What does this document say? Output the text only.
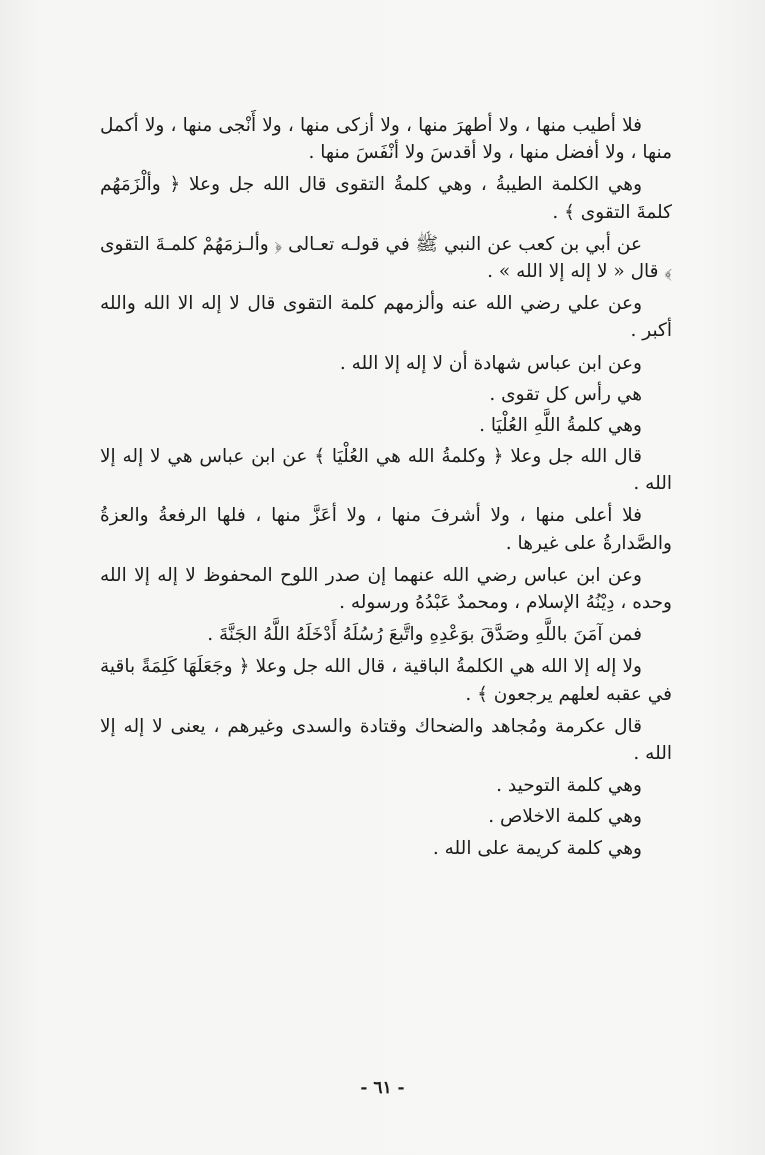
فلا أطيب منها ، ولا أطهرَ منها ، ولا أزكى منها ، ولا أَنْجى منها ، ولا أكمل منها ، ولا أفضل منها ، ولا أقدسَ ولا أنْفَسَ منها .

وهي الكلمة الطيبةُ ، وهي كلمةُ التقوى قال الله جل وعلا ﴿ وألْزَمَهُم كلمةَ التقوى ﴾ .

عن أبي بن كعب عن النبي ﷺ في قولـه تعـالى ﴿ وألـزمَهُمْ كلمـةَ التقوى ﴾ قال « لا إله إلا الله » .

وعن علي رضي الله عنه وألزمهم كلمة التقوى قال لا إله الا الله والله أكبر .

وعن ابن عباس شهادة أن لا إله إلا الله .

هي رأس كل تقوى .

وهي كلمةُ اللَّهِ العُلْيَا .

قال الله جل وعلا ﴿ وكلمةُ الله هي العُلْيَا ﴾ عن ابن عباس هي لا إله إلا الله .

فلا أعلى منها ، ولا أشرفَ منها ، ولا أعَزَّ منها ، فلها الرفعةُ والعزةُ والصَّدارةُ على غيرها .

وعن ابن عباس رضي الله عنهما إن صدر اللوح المحفوظ لا إله إلا الله وحده ، دِيْنُهُ الإسلام ، ومحمدٌ عَبْدُهُ ورسوله .

فمن آمَنَ باللَّهِ وصَدَّقَ بوَعْدِهِ واتَّبعَ رُسُلَهُ أَدْخَلَهُ اللَّهُ الجَنَّةَ .

ولا إله إلا الله هي الكلمةُ الباقية ، قال الله جل وعلا ﴿ وجَعَلَهَا كَلِمَةً باقية في عقبه لعلهم يرجعون ﴾ .

قال عكرمة ومُجاهد والضحاك وقتادة والسدى وغيرهم ، يعنى لا إله إلا الله .

وهي كلمة التوحيد .

وهي كلمة الاخلاص .

وهي كلمة كريمة على الله .

- ٦١ -
